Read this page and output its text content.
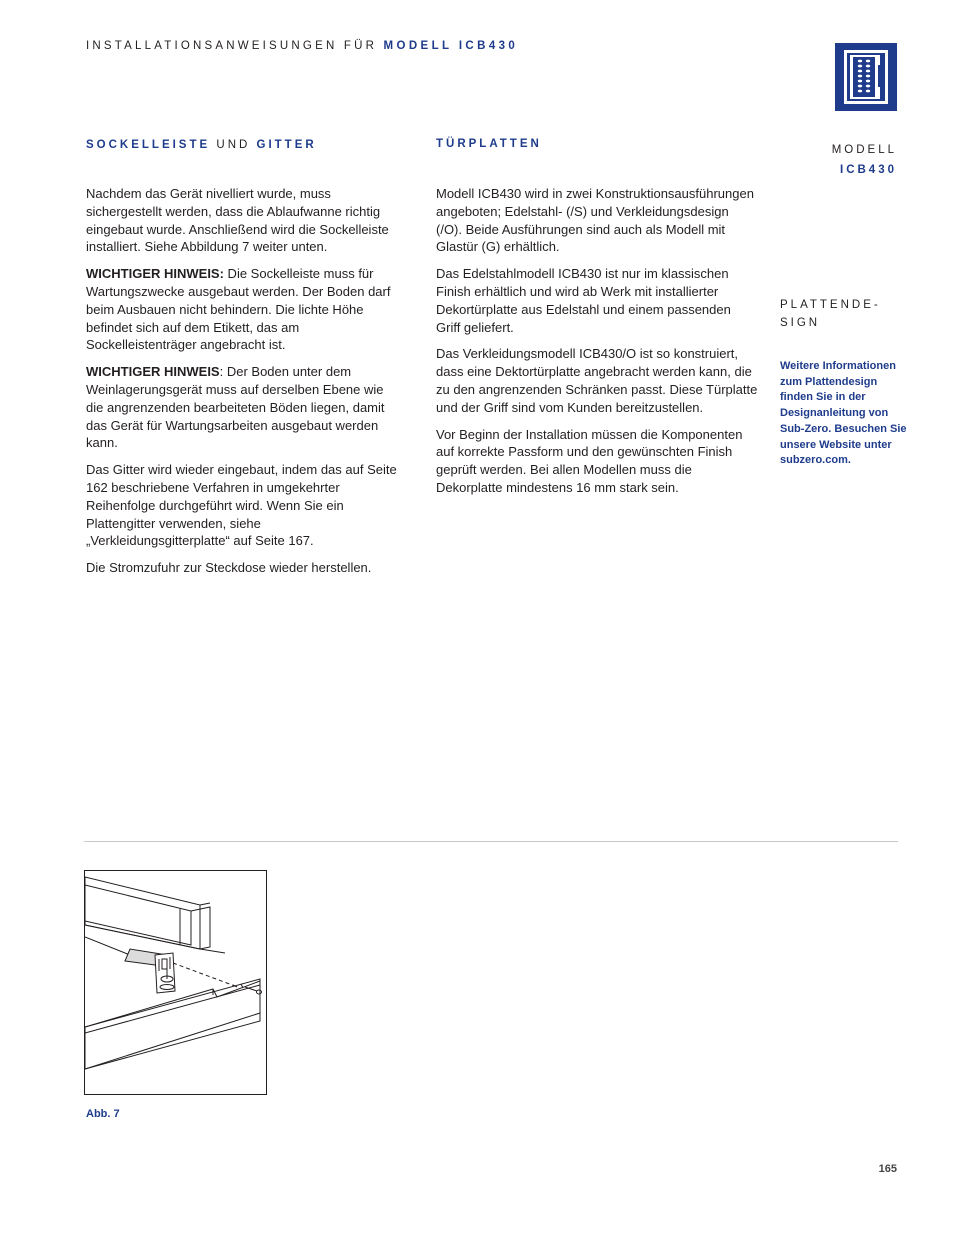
INSTALLATIONSANWEISUNGEN FÜR MODELL ICB430
SOCKELLEISTE UND GITTER

Nachdem das Gerät nivelliert wurde, muss sichergestellt werden, dass die Ablaufwanne richtig eingebaut wurde. Anschließend wird die Sockelleiste installiert. Siehe Abbildung 7 weiter unten.

WICHTIGER HINWEIS: Die Sockelleiste muss für Wartungszwecke ausgebaut werden. Der Boden darf beim Ausbauen nicht behindern. Die lichte Höhe befindet sich auf dem Etikett, das am Sockelleistenträger angebracht ist.

WICHTIGER HINWEIS: Der Boden unter dem Weinlagerungsgerät muss auf derselben Ebene wie die angrenzenden bearbeiteten Böden liegen, damit das Gerät für Wartungsarbeiten ausgebaut werden kann.

Das Gitter wird wieder eingebaut, indem das auf Seite 162 beschriebene Verfahren in umgekehrter Reihenfolge durchgeführt wird. Wenn Sie ein Plattengitter verwenden, siehe „Verkleidungsgitterplatte“ auf Seite 167.

Die Stromzufuhr zur Steckdose wieder herstellen.

TÜRPLATTEN

Modell ICB430 wird in zwei Konstruktionsausführungen angeboten; Edelstahl- (/S) und Verkleidungsdesign (/O). Beide Ausführungen sind auch als Modell mit Glastür (G) erhältlich.

Das Edelstahlmodell ICB430 ist nur im klassischen Finish erhältlich und wird ab Werk mit installierter Dekortürplatte aus Edelstahl und einem passenden Griff geliefert.

Das Verkleidungsmodell ICB430/O ist so konstruiert, dass eine Dektortürplatte angebracht werden kann, die zu den angrenzenden Schränken passt. Diese Türplatte und der Griff sind vom Kunden bereitzustellen.

Vor Beginn der Installation müssen die Komponenten auf korrekte Passform und den gewünschten Finish geprüft werden. Bei allen Modellen muss die Dekorplatte mindestens 16 mm stark sein.

MODELL
ICB430
PLATTENDE-
SIGN
Weitere Informationen zum Plattendesign finden Sie in der Designanleitung von Sub-Zero. Besuchen Sie unsere Website unter subzero.com.
Abb. 7
165
